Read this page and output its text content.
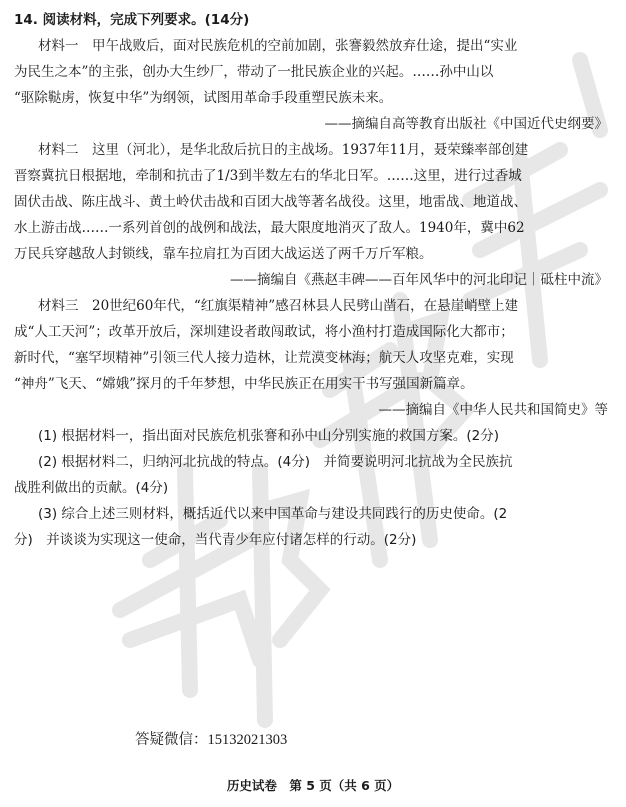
14. 阅读材料，完成下列要求。(14分)
材料一　甲午战败后，面对民族危机的空前加剧，张謇毅然放弃仕途，提出“实业
为民生之本”的主张，创办大生纱厂，带动了一批民族企业的兴起。……孙中山以
“驱除鞑虏，恢复中华”为纲领，试图用革命手段重塑民族未来。
——摘编自高等教育出版社《中国近代史纲要》
材料二　这里（河北），是华北敌后抗日的主战场。1937年11月，聂荣臻率部创建
晋察冀抗日根据地，牵制和抗击了1/3到半数左右的华北日军。……这里，进行过香城
固伏击战、陈庄战斗、黄土岭伏击战和百团大战等著名战役。这里，地雷战、地道战、
水上游击战……一系列首创的战例和战法，最大限度地消灭了敌人。1940年，冀中62
万民兵穿越敌人封锁线，靠车拉肩扛为百团大战运送了两千万斤军粮。
——摘编自《燕赵丰碑——百年风华中的河北印记｜砥柱中流》
材料三　20世纪60年代，“红旗渠精神”感召林县人民劈山凿石，在悬崖峭壁上建
成“人工天河”；改革开放后，深圳建设者敢闯敢试，将小渔村打造成国际化大都市；
新时代，“塞罕坝精神”引领三代人接力造林，让荒漠变林海；航天人攻坚克难，实现
“神舟”飞天、“嫦娥”探月的千年梦想，中华民族正在用实干书写强国新篇章。
——摘编自《中华人民共和国简史》等
(1) 根据材料一，指出面对民族危机张謇和孙中山分别实施的救国方案。(2分)
(2) 根据材料二，归纳河北抗战的特点。(4分)　并简要说明河北抗战为全民族抗
战胜利做出的贡献。(4分)
(3) 综合上述三则材料，概括近代以来中国革命与建设共同践行的历史使命。(2
分)　并谈谈为实现这一使命，当代青少年应付诸怎样的行动。(2分)
答疑微信：15132021303
历史试卷　第 5 页（共 6 页）
